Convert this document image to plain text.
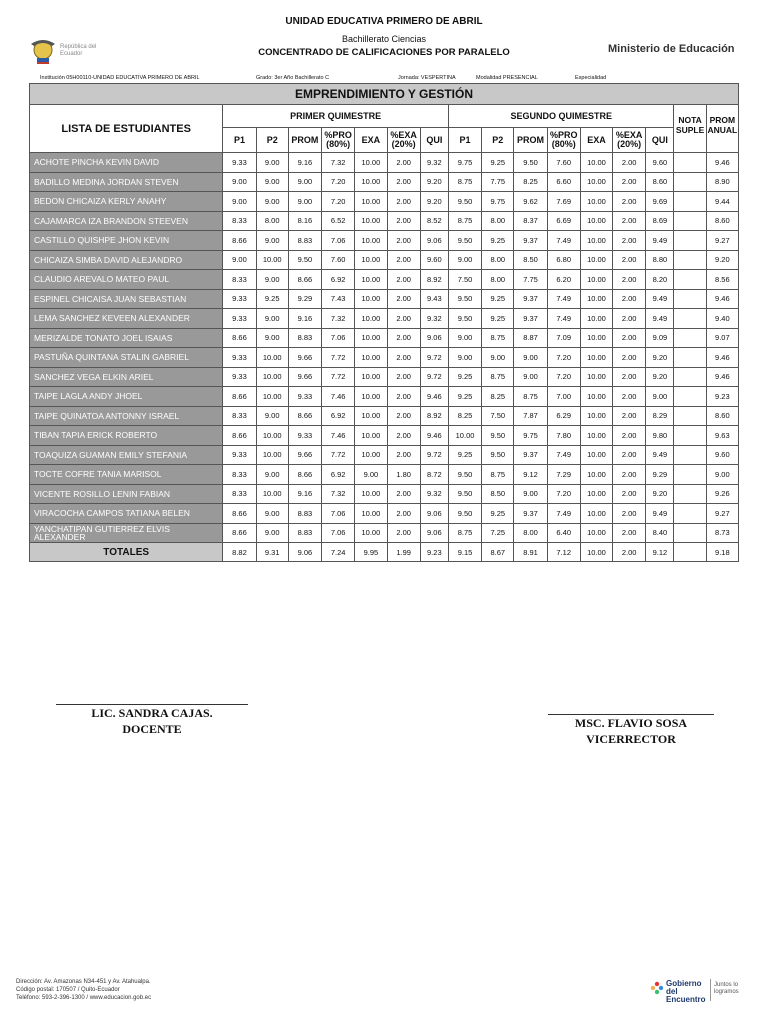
UNIDAD EDUCATIVA PRIMERO DE ABRIL
Bachillerato Ciencias
CONCENTRADO DE CALIFICACIONES POR PARALELO
República del Ecuador	Ministerio de Educación
Institución 05H00110-UNIDAD EDUCATIVA PRIMERO DE ABRIL	Grado: 3er Año Bachillerato C	Jornada: VESPERTINA	Modalidad PRESENCIAL	Especialidad
EMPRENDIMIENTO Y GESTIÓN																
LISTA DE ESTUDIANTES	PRIMER QUIMESTRE							SEGUNDO QUIMESTRE							NOTA SUPLE	PROM ANUAL
	P1	P2	PROM	%PRO (80%)	EXA	%EXA (20%)	QUI	P1	P2	PROM	%PRO (80%)	EXA	%EXA (20%)	QUI		
ACHOTE PINCHA KEVIN DAVID	9.33	9.00	9.16	7.32	10.00	2.00	9.32	9.75	9.25	9.50	7.60	10.00	2.00	9.60		9.46
BADILLO MEDINA JORDAN STEVEN	9.00	9.00	9.00	7.20	10.00	2.00	9.20	8.75	7.75	8.25	6.60	10.00	2.00	8.60		8.90
BEDON CHICAIZA KERLY ANAHY	9.00	9.00	9.00	7.20	10.00	2.00	9.20	9.50	9.75	9.62	7.69	10.00	2.00	9.69		9.44
CAJAMARCA IZA BRANDON STEEVEN	8.33	8.00	8.16	6.52	10.00	2.00	8.52	8.75	8.00	8.37	6.69	10.00	2.00	8.69		8.60
CASTILLO QUISHPE JHON KEVIN	8.66	9.00	8.83	7.06	10.00	2.00	9.06	9.50	9.25	9.37	7.49	10.00	2.00	9.49		9.27
CHICAIZA SIMBA DAVID ALEJANDRO	9.00	10.00	9.50	7.60	10.00	2.00	9.60	9.00	8.00	8.50	6.80	10.00	2.00	8.80		9.20
CLAUDIO AREVALO MATEO PAUL	8.33	9.00	8.66	6.92	10.00	2.00	8.92	7.50	8.00	7.75	6.20	10.00	2.00	8.20		8.56
ESPINEL CHICAISA JUAN SEBASTIAN	9.33	9.25	9.29	7.43	10.00	2.00	9.43	9.50	9.25	9.37	7.49	10.00	2.00	9.49		9.46
LEMA SANCHEZ KEVEEN ALEXANDER	9.33	9.00	9.16	7.32	10.00	2.00	9.32	9.50	9.25	9.37	7.49	10.00	2.00	9.49		9.40
MERIZALDE TONATO JOEL ISAIAS	8.66	9.00	8.83	7.06	10.00	2.00	9.06	9.00	8.75	8.87	7.09	10.00	2.00	9.09		9.07
PASTUÑA QUINTANA STALIN GABRIEL	9.33	10.00	9.66	7.72	10.00	2.00	9.72	9.00	9.00	9.00	7.20	10.00	2.00	9.20		9.46
SANCHEZ VEGA ELKIN ARIEL	9.33	10.00	9.66	7.72	10.00	2.00	9.72	9.25	8.75	9.00	7.20	10.00	2.00	9.20		9.46
TAIPE LAGLA ANDY JHOEL	8.66	10.00	9.33	7.46	10.00	2.00	9.46	9.25	8.25	8.75	7.00	10.00	2.00	9.00		9.23
TAIPE QUINATOA ANTONNY ISRAEL	8.33	9.00	8.66	6.92	10.00	2.00	8.92	8.25	7.50	7.87	6.29	10.00	2.00	8.29		8.60
TIBAN TAPIA ERICK ROBERTO	8.66	10.00	9.33	7.46	10.00	2.00	9.46	10.00	9.50	9.75	7.80	10.00	2.00	9.80		9.63
TOAQUIZA GUAMAN EMILY STEFANIA	9.33	10.00	9.66	7.72	10.00	2.00	9.72	9.25	9.50	9.37	7.49	10.00	2.00	9.49		9.60
TOCTE COFRE TANIA MARISOL	8.33	9.00	8.66	6.92	9.00	1.80	8.72	9.50	8.75	9.12	7.29	10.00	2.00	9.29		9.00
VICENTE ROSILLO LENIN FABIAN	8.33	10.00	9.16	7.32	10.00	2.00	9.32	9.50	8.50	9.00	7.20	10.00	2.00	9.20		9.26
VIRACOCHA CAMPOS TATIANA BELEN	8.66	9.00	8.83	7.06	10.00	2.00	9.06	9.50	9.25	9.37	7.49	10.00	2.00	9.49		9.27
YANCHATIPAN GUTIERREZ ELVIS ALEXANDER	8.66	9.00	8.83	7.06	10.00	2.00	9.06	8.75	7.25	8.00	6.40	10.00	2.00	8.40		8.73
TOTALES	8.82	9.31	9.06	7.24	9.95	1.99	9.23	9.15	8.67	8.91	7.12	10.00	2.00	9.12		9.18
LIC. SANDRA CAJAS.
DOCENTE	MSC. FLAVIO SOSA
VICERRECTOR
Dirección: Av. Amazonas N34-451 y Av. Atahualpa.
Código postal: 170507 / Quito-Ecuador
Teléfono: 593-2-396-1300 / www.educacion.gob.ec
Gobierno del Encuentro
Juntos lo logramos
